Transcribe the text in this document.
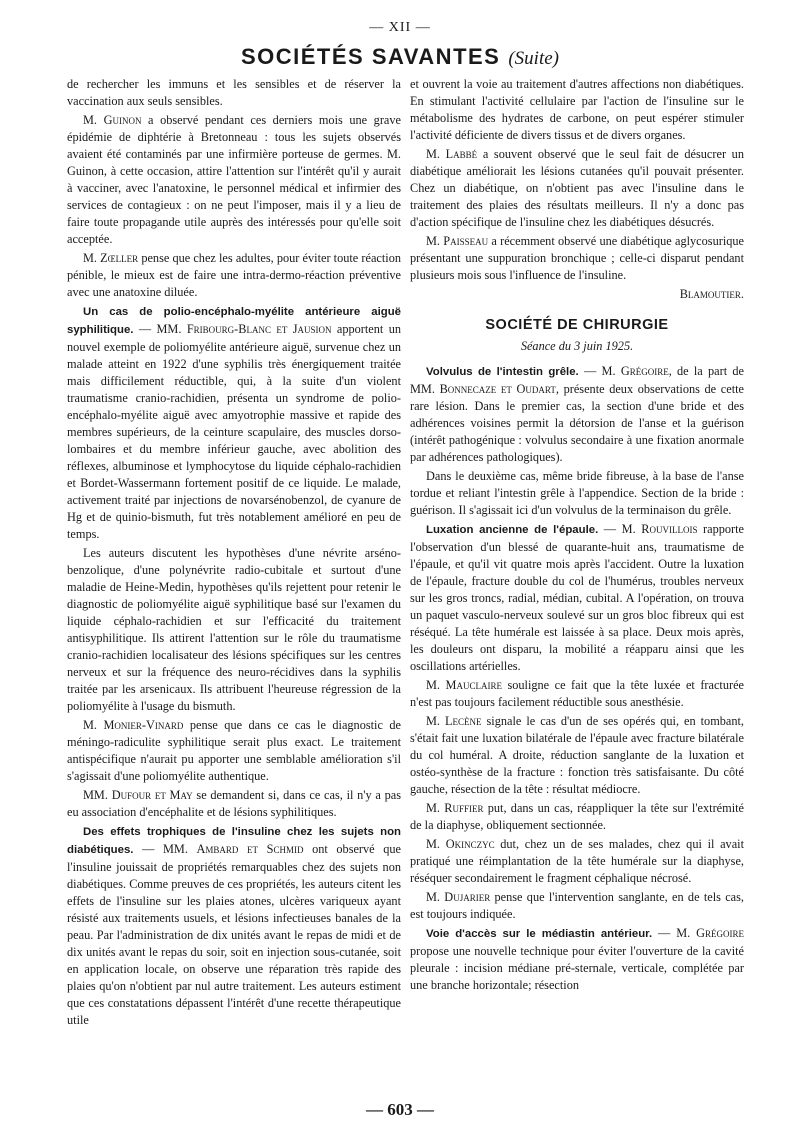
— XII —
SOCIÉTÉS SAVANTES (Suite)

de rechercher les immuns et les sensibles et de réserver la vaccination aux seuls sensibles.

M. Guinon a observé pendant ces derniers mois une grave épidémie de diphtérie à Bretonneau : tous les sujets observés avaient été contaminés par une infirmière porteuse de germes. M. Guinon, à cette occasion, attire l'attention sur l'intérêt qu'il y aurait à vacciner, avec l'anatoxine, le personnel médical et infirmier des services de contagieux : on ne peut l'imposer, mais il y a lieu de faire toute propagande utile auprès des intéressés pour qu'elle soit acceptée.

M. Zœller pense que chez les adultes, pour éviter toute réaction pénible, le mieux est de faire une intra-dermo-réaction préventive avec une anatoxine diluée.

Un cas de polio-encéphalo-myélite antérieure aiguë syphilitique. — MM. Fribourg-Blanc et Jausion apportent un nouvel exemple de poliomyélite antérieure aiguë, survenue chez un malade atteint en 1922 d'une syphilis très énergiquement traitée mais difficilement réductible, qui, à la suite d'un violent traumatisme cranio-rachidien, présenta un syndrome de polio-encéphalo-myélite aiguë avec amyotrophie massive et rapide des membres supérieurs, de la ceinture scapulaire, des muscles dorso-lombaires et du membre inférieur gauche, avec abolition des réflexes, albuminose et lymphocytose du liquide céphalo-rachidien et Bordet-Wassermann fortement positif de ce liquide. Le malade, activement traité par injections de novarsénobenzol, de cyanure de Hg et de quinio-bismuth, fut très notablement amélioré en peu de temps.

Les auteurs discutent les hypothèses d'une névrite arséno-benzolique, d'une polynévrite radio-cubitale et surtout d'une maladie de Heine-Medin, hypothèses qu'ils rejettent pour retenir le diagnostic de poliomyélite aiguë syphilitique basé sur l'examen du liquide céphalo-rachidien et sur l'efficacité du traitement antisyphilitique. Ils attirent l'attention sur le rôle du traumatisme cranio-rachidien localisateur des lésions spécifiques sur les centres nerveux et sur la fréquence des neuro-récidives dans la syphilis traitée par les arsenicaux. Ils attribuent l'heureuse régression de la poliomyélite à l'usage du bismuth.

M. Monier-Vinard pense que dans ce cas le diagnostic de méningo-radiculite syphilitique serait plus exact. Le traitement antispécifique n'aurait pu apporter une semblable amélioration s'il s'agissait d'une poliomyélite authentique.

MM. Dufour et May se demandent si, dans ce cas, il n'y a pas eu association d'encéphalite et de lésions syphilitiques.

Des effets trophiques de l'insuline chez les sujets non diabétiques. — MM. Ambard et Schmid ont observé que l'insuline jouissait de propriétés remarquables chez des sujets non diabétiques. Comme preuves de ces propriétés, les auteurs citent les effets de l'insuline sur les plaies atones, ulcères variqueux ayant résisté aux traitements usuels, et lésions infectieuses banales de la peau. Par l'administration de dix unités avant le repas de midi et de dix unités avant le repas du soir, soit en injection sous-cutanée, soit en application locale, on observe une réparation très rapide des plaies qu'on n'obtient par nul autre traitement. Les auteurs estiment que ces constatations dépassent l'intérêt d'une recette thérapeutique utile

et ouvrent la voie au traitement d'autres affections non diabétiques. En stimulant l'activité cellulaire par l'action de l'insuline sur le métabolisme des hydrates de carbone, on peut espérer stimuler l'activité déficiente de divers tissus et de divers organes.

M. Labbé a souvent observé que le seul fait de désucrer un diabétique améliorait les lésions cutanées qu'il pouvait présenter. Chez un diabétique, on n'obtient pas avec l'insuline dans le traitement des plaies des résultats meilleurs. Il n'y a donc pas d'action spécifique de l'insuline chez les diabétiques désucrés.

M. Paisseau a récemment observé une diabétique aglycosurique présentant une suppuration bronchique ; celle-ci disparut pendant plusieurs mois sous l'influence de l'insuline.

Blamoutier.

SOCIÉTÉ DE CHIRURGIE
Séance du 3 juin 1925.

Volvulus de l'intestin grêle. — M. Grégoire, de la part de MM. Bonnecaze et Oudart, présente deux observations de cette rare lésion. Dans le premier cas, la section d'une bride et des adhérences voisines permit la détorsion de l'anse et la guérison (intérêt pathogénique : volvulus secondaire à une fixation anormale par adhérences pathologiques).

Dans le deuxième cas, même bride fibreuse, à la base de l'anse tordue et reliant l'intestin grêle à l'appendice. Section de la bride : guérison. Il s'agissait ici d'un volvulus de la terminaison du grêle.

Luxation ancienne de l'épaule. — M. Rouvillois rapporte l'observation d'un blessé de quarante-huit ans, traumatisme de l'épaule, et qu'il vit quatre mois après l'accident. Outre la luxation de l'épaule, fracture double du col de l'humérus, troubles nerveux sur les gros troncs, radial, médian, cubital. A l'opération, on trouva un paquet vasculo-nerveux soulevé sur un gros bloc fibreux qui est réséqué. La tête humérale est laissée à sa place. Deux mois après, les douleurs ont disparu, la mobilité a réapparu ainsi que les oscillations artérielles.

M. Mauclaire souligne ce fait que la tête luxée et fracturée n'est pas toujours facilement réductible sous anesthésie.

M. Lecène signale le cas d'un de ses opérés qui, en tombant, s'était fait une luxation bilatérale de l'épaule avec fracture bilatérale du col huméral. A droite, réduction sanglante de la luxation et ostéo-synthèse de la fracture : fonction très satisfaisante. Du côté gauche, résection de la tête : résultat médiocre.

M. Ruffier put, dans un cas, réappliquer la tête sur l'extrémité de la diaphyse, obliquement sectionnée.

M. Okinczyc dut, chez un de ses malades, chez qui il avait pratiqué une réimplantation de la tête humérale sur la diaphyse, réséquer secondairement le fragment céphalique nécrosé.

M. Dujarier pense que l'intervention sanglante, en de tels cas, est toujours indiquée.

Voie d'accès sur le médiastin antérieur. — M. Grégoire propose une nouvelle technique pour éviter l'ouverture de la cavité pleurale : incision médiane pré-sternale, verticale, complétée par une branche horizontale; résection

— 603 —
